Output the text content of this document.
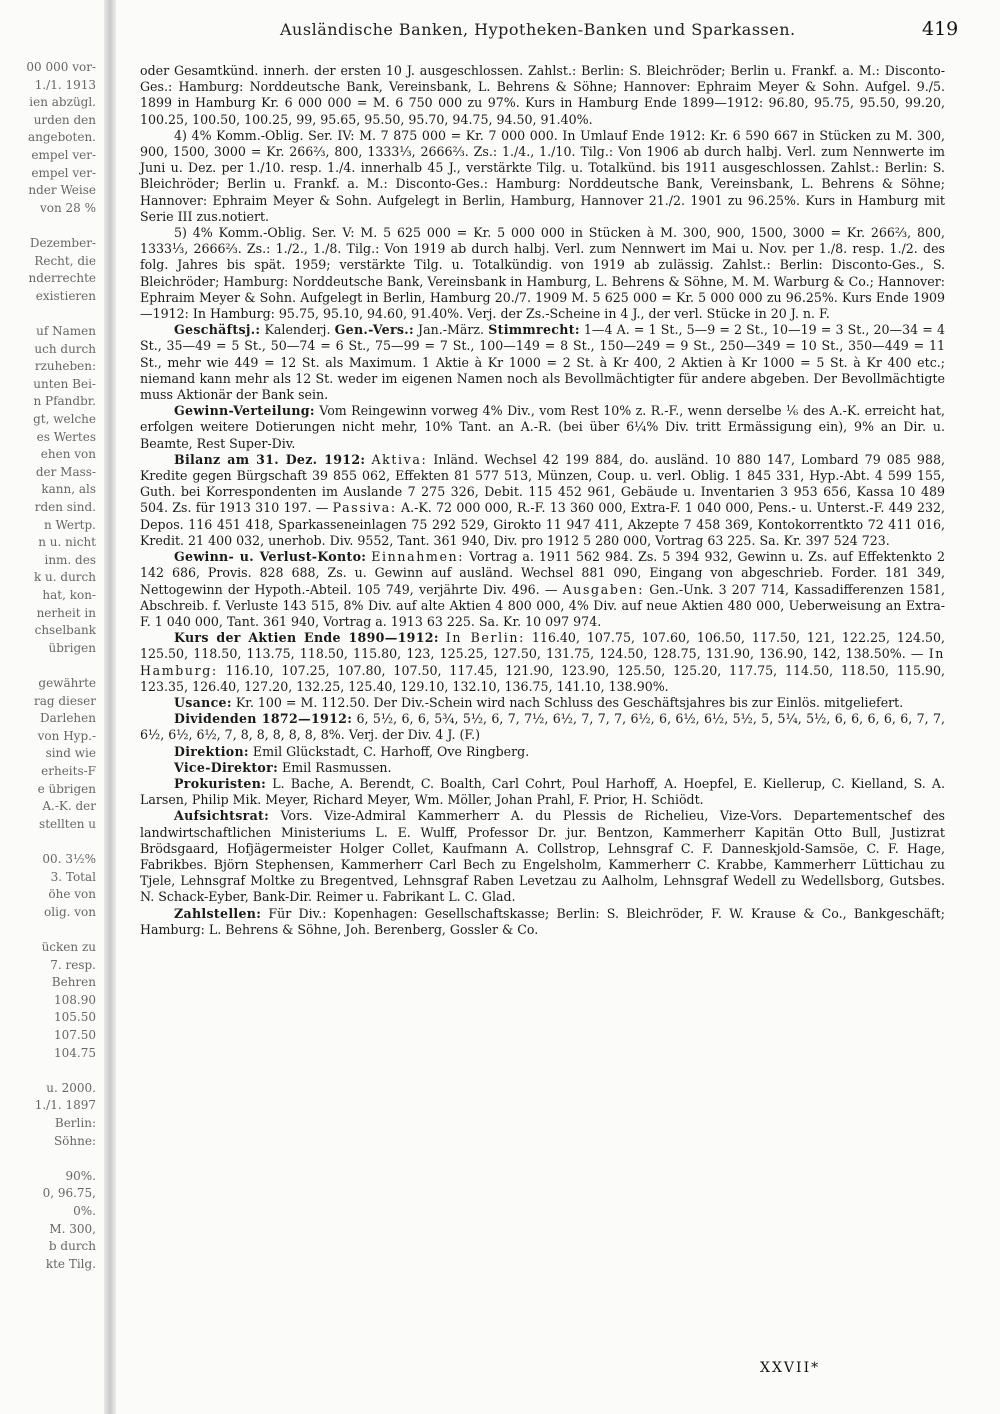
00 000 vor-
1./1. 1913
ien abzügl.
urden den
angeboten.
empel ver-
empel ver-
nder Weise
von 28 %
Dezember-
Recht, die
nderrechte
existieren
uf Namen
uch durch
rzuheben:
unten Bei-
n Pfandbr.
gt, welche
es Wertes
ehen von
der Mass-
kann, als
rden sind.
n Wertp.
n u. nicht
inm. des
k u. durch
hat, kon-
nerheit in
chselbank
übrigen
gewährte
rag dieser
Darlehen
von Hyp.-
sind wie
erheits-F
e übrigen
A.-K. der
stellten u
00. 3½%
3. Total
öhe von
olig. von
ücken zu
7. resp.
Behren
108.90
105.50
107.50
104.75
u. 2000.
1./1. 1897
Berlin:
Söhne:
90%.
0, 96.75,
0%.
M. 300,
b durch
kte Tilg.
Ausländische Banken, Hypotheken-Banken und Sparkassen.	419

oder Gesamtkünd. innerh. der ersten 10 J. ausgeschlossen. Zahlst.: Berlin: S. Bleichröder; Berlin u. Frankf. a. M.: Disconto-Ges.: Hamburg: Norddeutsche Bank, Vereinsbank, L. Behrens & Söhne; Hannover: Ephraim Meyer & Sohn. Aufgel. 9./5. 1899 in Hamburg Kr. 6 000 000 = M. 6 750 000 zu 97%. Kurs in Hamburg Ende 1899—1912: 96.80, 95.75, 95.50, 99.20, 100.25, 100.50, 100.25, 99, 95.65, 95.50, 95.70, 94.75, 94.50, 91.40%.

4) 4% Komm.-Oblig. Ser. IV: M. 7 875 000 = Kr. 7 000 000. In Umlauf Ende 1912: Kr. 6 590 667 in Stücken zu M. 300, 900, 1500, 3000 = Kr. 266⅔, 800, 1333⅓, 2666⅔. Zs.: 1./4., 1./10. Tilg.: Von 1906 ab durch halbj. Verl. zum Nennwerte im Juni u. Dez. per 1./10. resp. 1./4. innerhalb 45 J., verstärkte Tilg. u. Totalkünd. bis 1911 ausgeschlossen. Zahlst.: Berlin: S. Bleichröder; Berlin u. Frankf. a. M.: Disconto-Ges.: Hamburg: Norddeutsche Bank, Vereinsbank, L. Behrens & Söhne; Hannover: Ephraim Meyer & Sohn. Aufgelegt in Berlin, Hamburg, Hannover 21./2. 1901 zu 96.25%. Kurs in Hamburg mit Serie III zus.notiert.

5) 4% Komm.-Oblig. Ser. V: M. 5 625 000 = Kr. 5 000 000 in Stücken à M. 300, 900, 1500, 3000 = Kr. 266⅔, 800, 1333⅓, 2666⅔. Zs.: 1./2., 1./8. Tilg.: Von 1919 ab durch halbj. Verl. zum Nennwert im Mai u. Nov. per 1./8. resp. 1./2. des folg. Jahres bis spät. 1959; verstärkte Tilg. u. Totalkündig. von 1919 ab zulässig. Zahlst.: Berlin: Disconto-Ges., S. Bleichröder; Hamburg: Norddeutsche Bank, Vereinsbank in Hamburg, L. Behrens & Söhne, M. M. Warburg & Co.; Hannover: Ephraim Meyer & Sohn. Aufgelegt in Berlin, Hamburg 20./7. 1909 M. 5 625 000 = Kr. 5 000 000 zu 96.25%. Kurs Ende 1909—1912: In Hamburg: 95.75, 95.10, 94.60, 91.40%. Verj. der Zs.-Scheine in 4 J., der verl. Stücke in 20 J. n. F.

Geschäftsj.: Kalenderj. Gen.-Vers.: Jan.-März. Stimmrecht: 1—4 A. = 1 St., 5—9 = 2 St., 10—19 = 3 St., 20—34 = 4 St., 35—49 = 5 St., 50—74 = 6 St., 75—99 = 7 St., 100—149 = 8 St., 150—249 = 9 St., 250—349 = 10 St., 350—449 = 11 St., mehr wie 449 = 12 St. als Maximum. 1 Aktie à Kr 1000 = 2 St. à Kr 400, 2 Aktien à Kr 1000 = 5 St. à Kr 400 etc.; niemand kann mehr als 12 St. weder im eigenen Namen noch als Bevollmächtigter für andere abgeben. Der Bevollmächtigte muss Aktionär der Bank sein.

Gewinn-Verteilung: Vom Reingewinn vorweg 4% Div., vom Rest 10% z. R.-F., wenn derselbe ⅙ des A.-K. erreicht hat, erfolgen weitere Dotierungen nicht mehr, 10% Tant. an A.-R. (bei über 6¼% Div. tritt Ermässigung ein), 9% an Dir. u. Beamte, Rest Super-Div.

Bilanz am 31. Dez. 1912: Aktiva: Inländ. Wechsel 42 199 884, do. ausländ. 10 880 147, Lombard 79 085 988, Kredite gegen Bürgschaft 39 855 062, Effekten 81 577 513, Münzen, Coup. u. verl. Oblig. 1 845 331, Hyp.-Abt. 4 599 155, Guth. bei Korrespondenten im Auslande 7 275 326, Debit. 115 452 961, Gebäude u. Inventarien 3 953 656, Kassa 10 489 504. Zs. für 1913 310 197. — Passiva: A.-K. 72 000 000, R.-F. 13 360 000, Extra-F. 1 040 000, Pens.- u. Unterst.-F. 449 232, Depos. 116 451 418, Sparkasseneinlagen 75 292 529, Girokto 11 947 411, Akzepte 7 458 369, Kontokorrentkto 72 411 016, Kredit. 21 400 032, unerhob. Div. 9552, Tant. 361 940, Div. pro 1912 5 280 000, Vortrag 63 225. Sa. Kr. 397 524 723.

Gewinn- u. Verlust-Konto: Einnahmen: Vortrag a. 1911 562 984. Zs. 5 394 932, Gewinn u. Zs. auf Effektenkto 2 142 686, Provis. 828 688, Zs. u. Gewinn auf ausländ. Wechsel 881 090, Eingang von abgeschrieb. Forder. 181 349, Nettogewinn der Hypoth.-Abteil. 105 749, verjährte Div. 496. — Ausgaben: Gen.-Unk. 3 207 714, Kassadifferenzen 1581, Abschreib. f. Verluste 143 515, 8% Div. auf alte Aktien 4 800 000, 4% Div. auf neue Aktien 480 000, Ueberweisung an Extra-F. 1 040 000, Tant. 361 940, Vortrag a. 1913 63 225. Sa. Kr. 10 097 974.

Kurs der Aktien Ende 1890—1912: In Berlin: 116.40, 107.75, 107.60, 106.50, 117.50, 121, 122.25, 124.50, 125.50, 118.50, 113.75, 118.50, 115.80, 123, 125.25, 127.50, 131.75, 124.50, 128.75, 131.90, 136.90, 142, 138.50%. — In Hamburg: 116.10, 107.25, 107.80, 107.50, 117.45, 121.90, 123.90, 125.50, 125.20, 117.75, 114.50, 118.50, 115.90, 123.35, 126.40, 127.20, 132.25, 125.40, 129.10, 132.10, 136.75, 141.10, 138.90%.

Usance: Kr. 100 = M. 112.50. Der Div.-Schein wird nach Schluss des Geschäftsjahres bis zur Einlös. mitgeliefert.

Dividenden 1872—1912: 6, 5½, 6, 6, 5¾, 5½, 6, 7, 7½, 6½, 7, 7, 7, 6½, 6, 6½, 6½, 5½, 5, 5¼, 5½, 6, 6, 6, 6, 6, 7, 7, 6½, 6½, 6½, 7, 8, 8, 8, 8, 8, 8%. Verj. der Div. 4 J. (F.)

Direktion: Emil Glückstadt, C. Harhoff, Ove Ringberg.

Vice-Direktor: Emil Rasmussen.

Prokuristen: L. Bache, A. Berendt, C. Boalth, Carl Cohrt, Poul Harhoff, A. Hoepfel, E. Kiellerup, C. Kielland, S. A. Larsen, Philip Mik. Meyer, Richard Meyer, Wm. Möller, Johan Prahl, F. Prior, H. Schiödt.

Aufsichtsrat: Vors. Vize-Admiral Kammerherr A. du Plessis de Richelieu, Vize-Vors. Departementschef des landwirtschaftlichen Ministeriums L. E. Wulff, Professor Dr. jur. Bentzon, Kammerherr Kapitän Otto Bull, Justizrat Brödsgaard, Hofjägermeister Holger Collet, Kaufmann A. Collstrop, Lehnsgraf C. F. Danneskjold-Samsöe, C. F. Hage, Fabrikbes. Björn Stephensen, Kammerherr Carl Bech zu Engelsholm, Kammerherr C. Krabbe, Kammerherr Lüttichau zu Tjele, Lehnsgraf Moltke zu Bregentved, Lehnsgraf Raben Levetzau zu Aalholm, Lehnsgraf Wedell zu Wedellsborg, Gutsbes. N. Schack-Eyber, Bank-Dir. Reimer u. Fabrikant L. C. Glad.

Zahlstellen: Für Div.: Kopenhagen: Gesellschaftskasse; Berlin: S. Bleichröder, F. W. Krause & Co., Bankgeschäft; Hamburg: L. Behrens & Söhne, Joh. Berenberg, Gossler & Co.

XXVII*
